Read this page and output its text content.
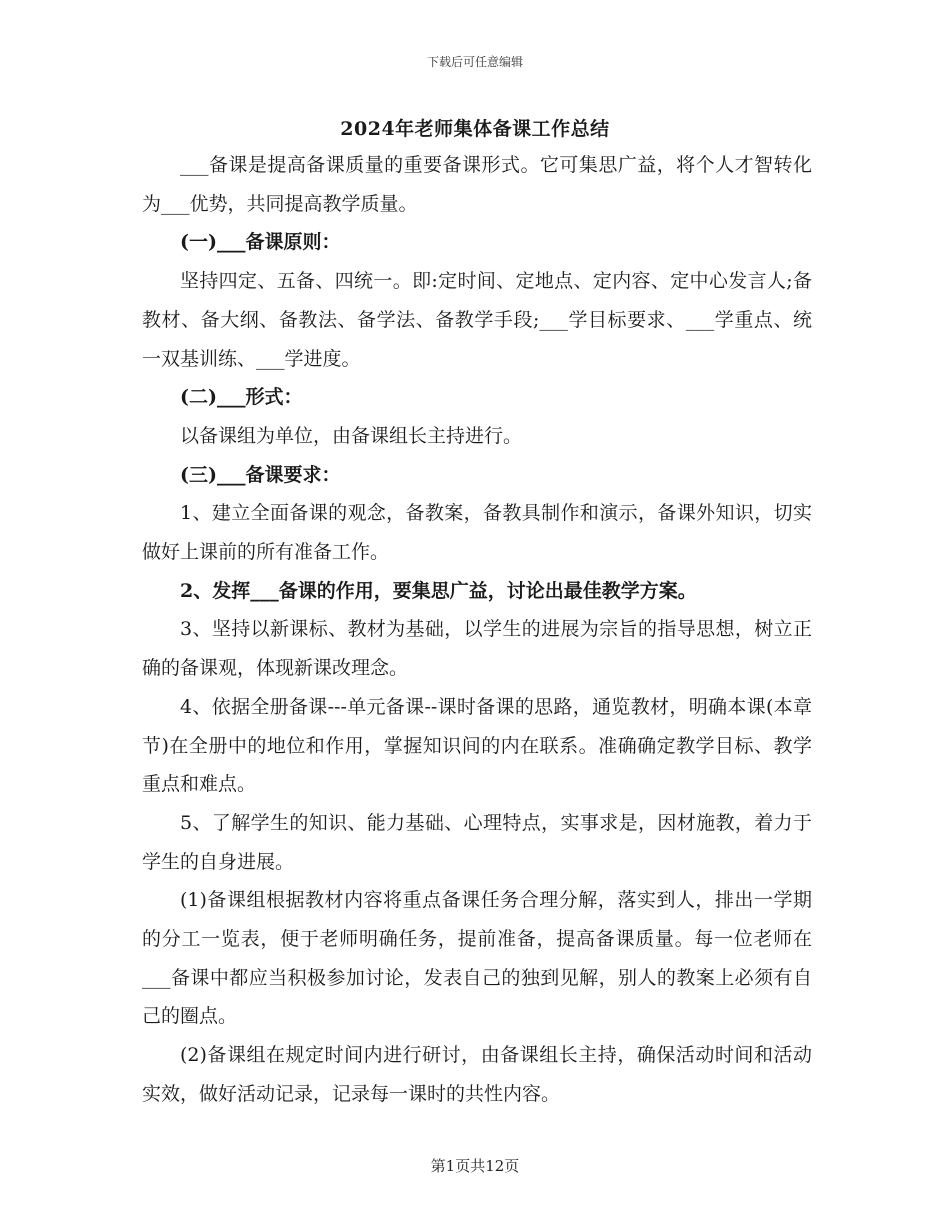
下载后可任意编辑
2024年老师集体备课工作总结

___备课是提高备课质量的重要备课形式。它可集思广益，将个人才智转化为___优势，共同提高教学质量。

(一)___备课原则：

坚持四定、五备、四统一。即:定时间、定地点、定内容、定中心发言人;备教材、备大纲、备教法、备学法、备教学手段;___学目标要求、___学重点、统一双基训练、___学进度。

(二)___形式：

以备课组为单位，由备课组长主持进行。

(三)___备课要求：

1、建立全面备课的观念，备教案，备教具制作和演示，备课外知识，切实做好上课前的所有准备工作。

2、发挥___备课的作用，要集思广益，讨论出最佳教学方案。

3、坚持以新课标、教材为基础，以学生的进展为宗旨的指导思想，树立正确的备课观，体现新课改理念。

4、依据全册备课---单元备课--课时备课的思路，通览教材，明确本课(本章节)在全册中的地位和作用，掌握知识间的内在联系。准确确定教学目标、教学重点和难点。

5、了解学生的知识、能力基础、心理特点，实事求是，因材施教，着力于学生的自身进展。

(1)备课组根据教材内容将重点备课任务合理分解，落实到人，排出一学期的分工一览表，便于老师明确任务，提前准备，提高备课质量。每一位老师在___备课中都应当积极参加讨论，发表自己的独到见解，别人的教案上必须有自己的圈点。

(2)备课组在规定时间内进行研讨，由备课组长主持，确保活动时间和活动实效，做好活动记录，记录每一课时的共性内容。

第1页共12页
